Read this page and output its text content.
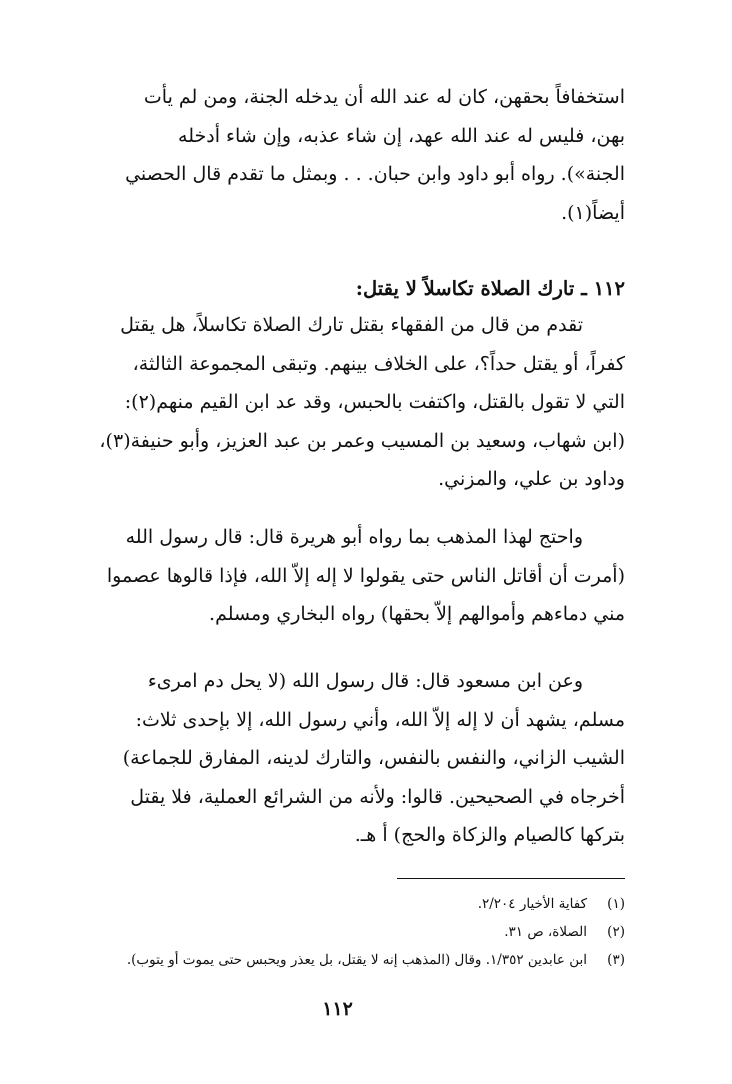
استخفافاً بحقهن، كان له عند الله أن يدخله الجنة، ومن لم يأت
بهن، فليس له عند الله عهد، إن شاء عذبه، وإن شاء أدخله
الجنة»). رواه أبو داود وابن حبان. . . وبمثل ما تقدم قال الحصني
أيضاً(١).
١١٢ ـ تارك الصلاة تكاسلاً لا يقتل:
تقدم من قال من الفقهاء بقتل تارك الصلاة تكاسلاً، هل يقتل
كفراً، أو يقتل حداً؟، على الخلاف بينهم. وتبقى المجموعة الثالثة،
التي لا تقول بالقتل، واكتفت بالحبس، وقد عد ابن القيم منهم(٢):
(ابن شهاب، وسعيد بن المسيب وعمر بن عبد العزيز، وأبو حنيفة(٣)،
وداود بن علي، والمزني.
واحتج لهذا المذهب بما رواه أبو هريرة قال: قال رسول الله
(أمرت أن أقاتل الناس حتى يقولوا لا إله إلاّ الله، فإذا قالوها عصموا
مني دماءهم وأموالهم إلاّ بحقها) رواه البخاري ومسلم.
وعن ابن مسعود قال: قال رسول الله (لا يحل دم امرىء
مسلم، يشهد أن لا إله إلاّ الله، وأني رسول الله، إلا بإحدى ثلاث:
الشيب الزاني، والنفس بالنفس، والتارك لدينه، المفارق للجماعة)
أخرجاه في الصحيحين. قالوا: ولأنه من الشرائع العملية، فلا يقتل
بتركها كالصيام والزكاة والحج) أ هـ.
(١)
كفاية الأخيار ٢/٢٠٤.
(٢)
الصلاة، ص ٣١.
(٣)
ابن عابدين ١/٣٥٢. وقال (المذهب إنه لا يقتل، بل يعذر ويحبس حتى يموت أو يتوب).
١١٢
